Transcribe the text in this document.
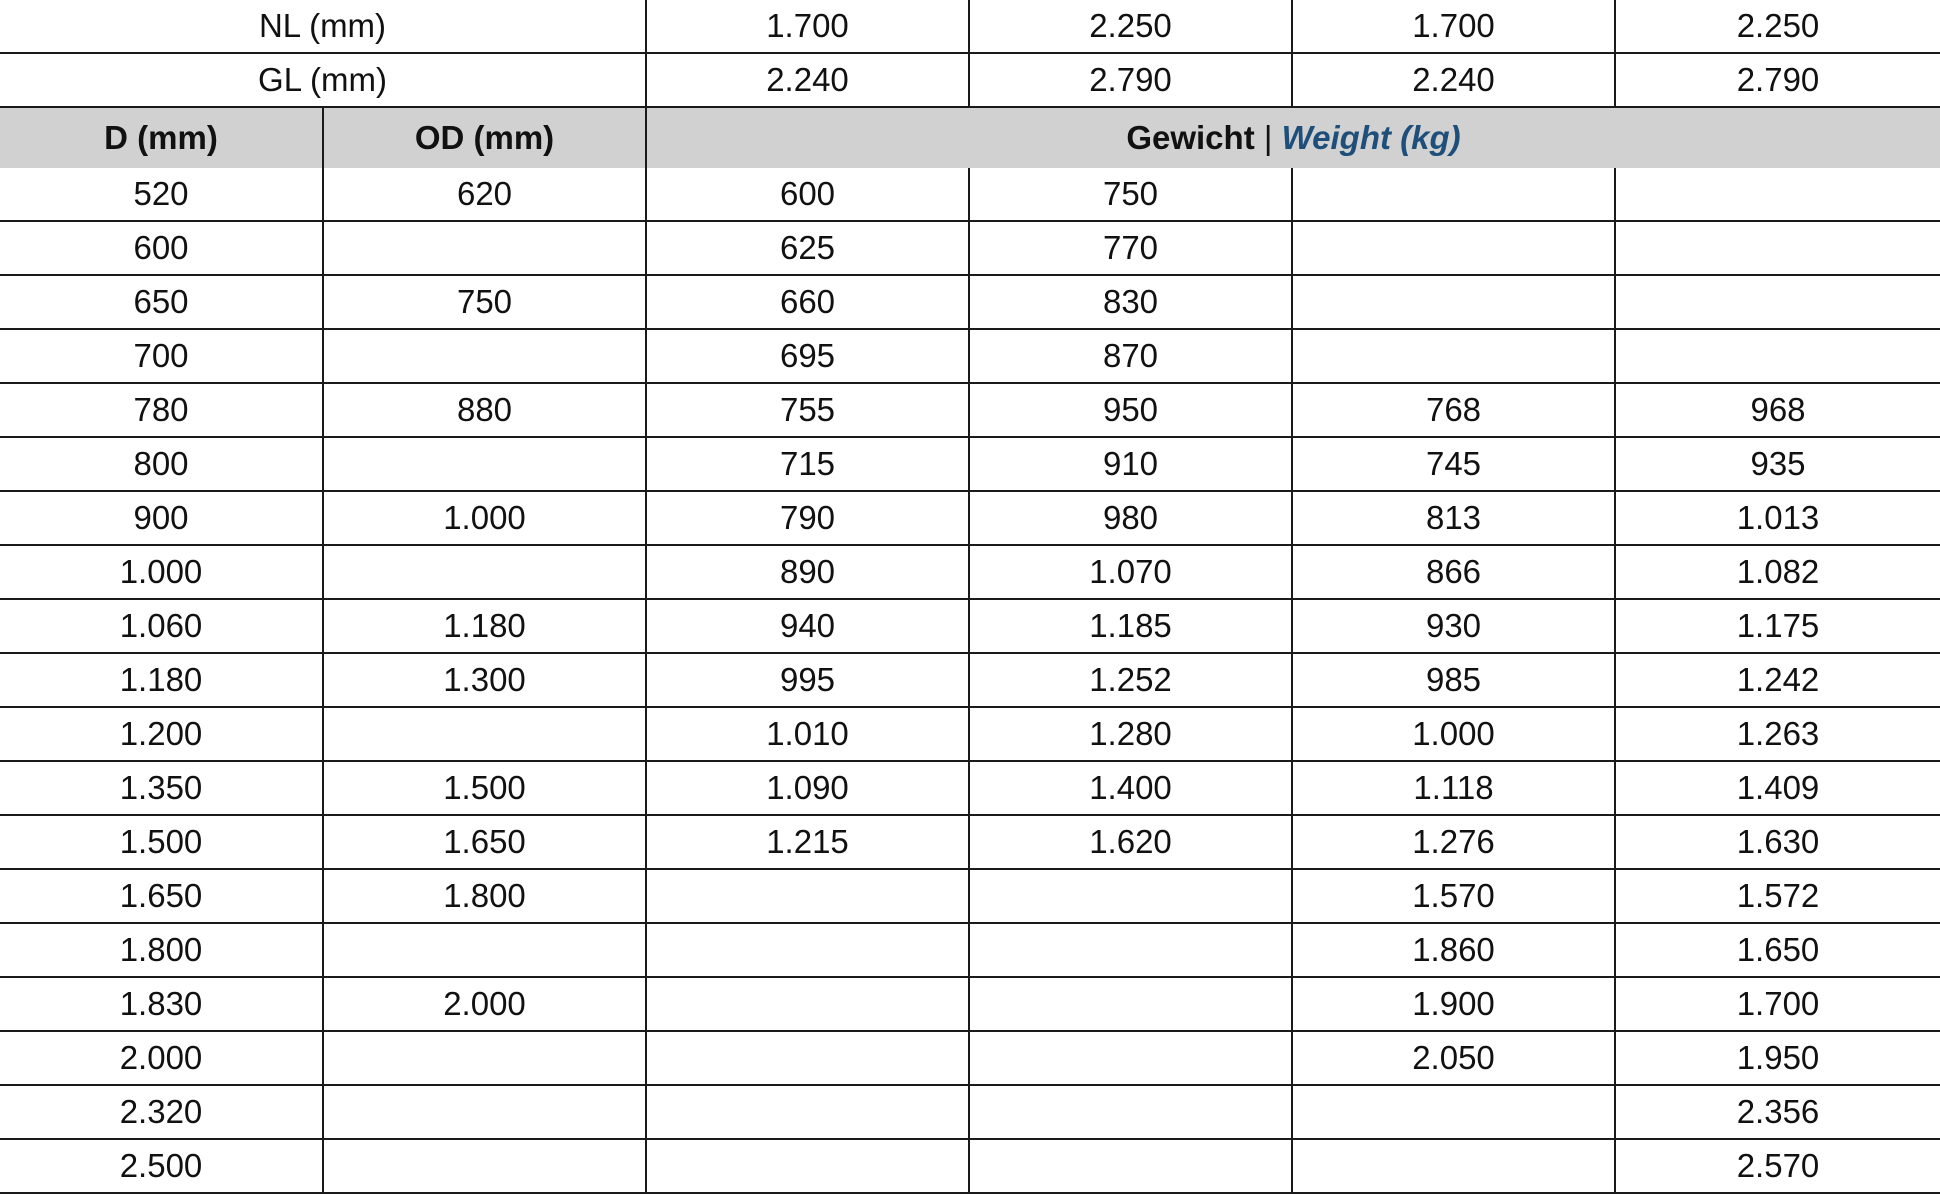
NL (mm)		1.700	2.250	1.700	2.250
GL (mm)		2.240	2.790	2.240	2.790
D (mm)	OD (mm)	Gewicht | Weight (kg)			
520	620	600	750		
600		625	770		
650	750	660	830		
700		695	870		
780	880	755	950	768	968
800		715	910	745	935
900	1.000	790	980	813	1.013
1.000		890	1.070	866	1.082
1.060	1.180	940	1.185	930	1.175
1.180	1.300	995	1.252	985	1.242
1.200		1.010	1.280	1.000	1.263
1.350	1.500	1.090	1.400	1.118	1.409
1.500	1.650	1.215	1.620	1.276	1.630
1.650	1.800			1.570	1.572
1.800				1.860	1.650
1.830	2.000			1.900	1.700
2.000				2.050	1.950
2.320					2.356
2.500					2.570
